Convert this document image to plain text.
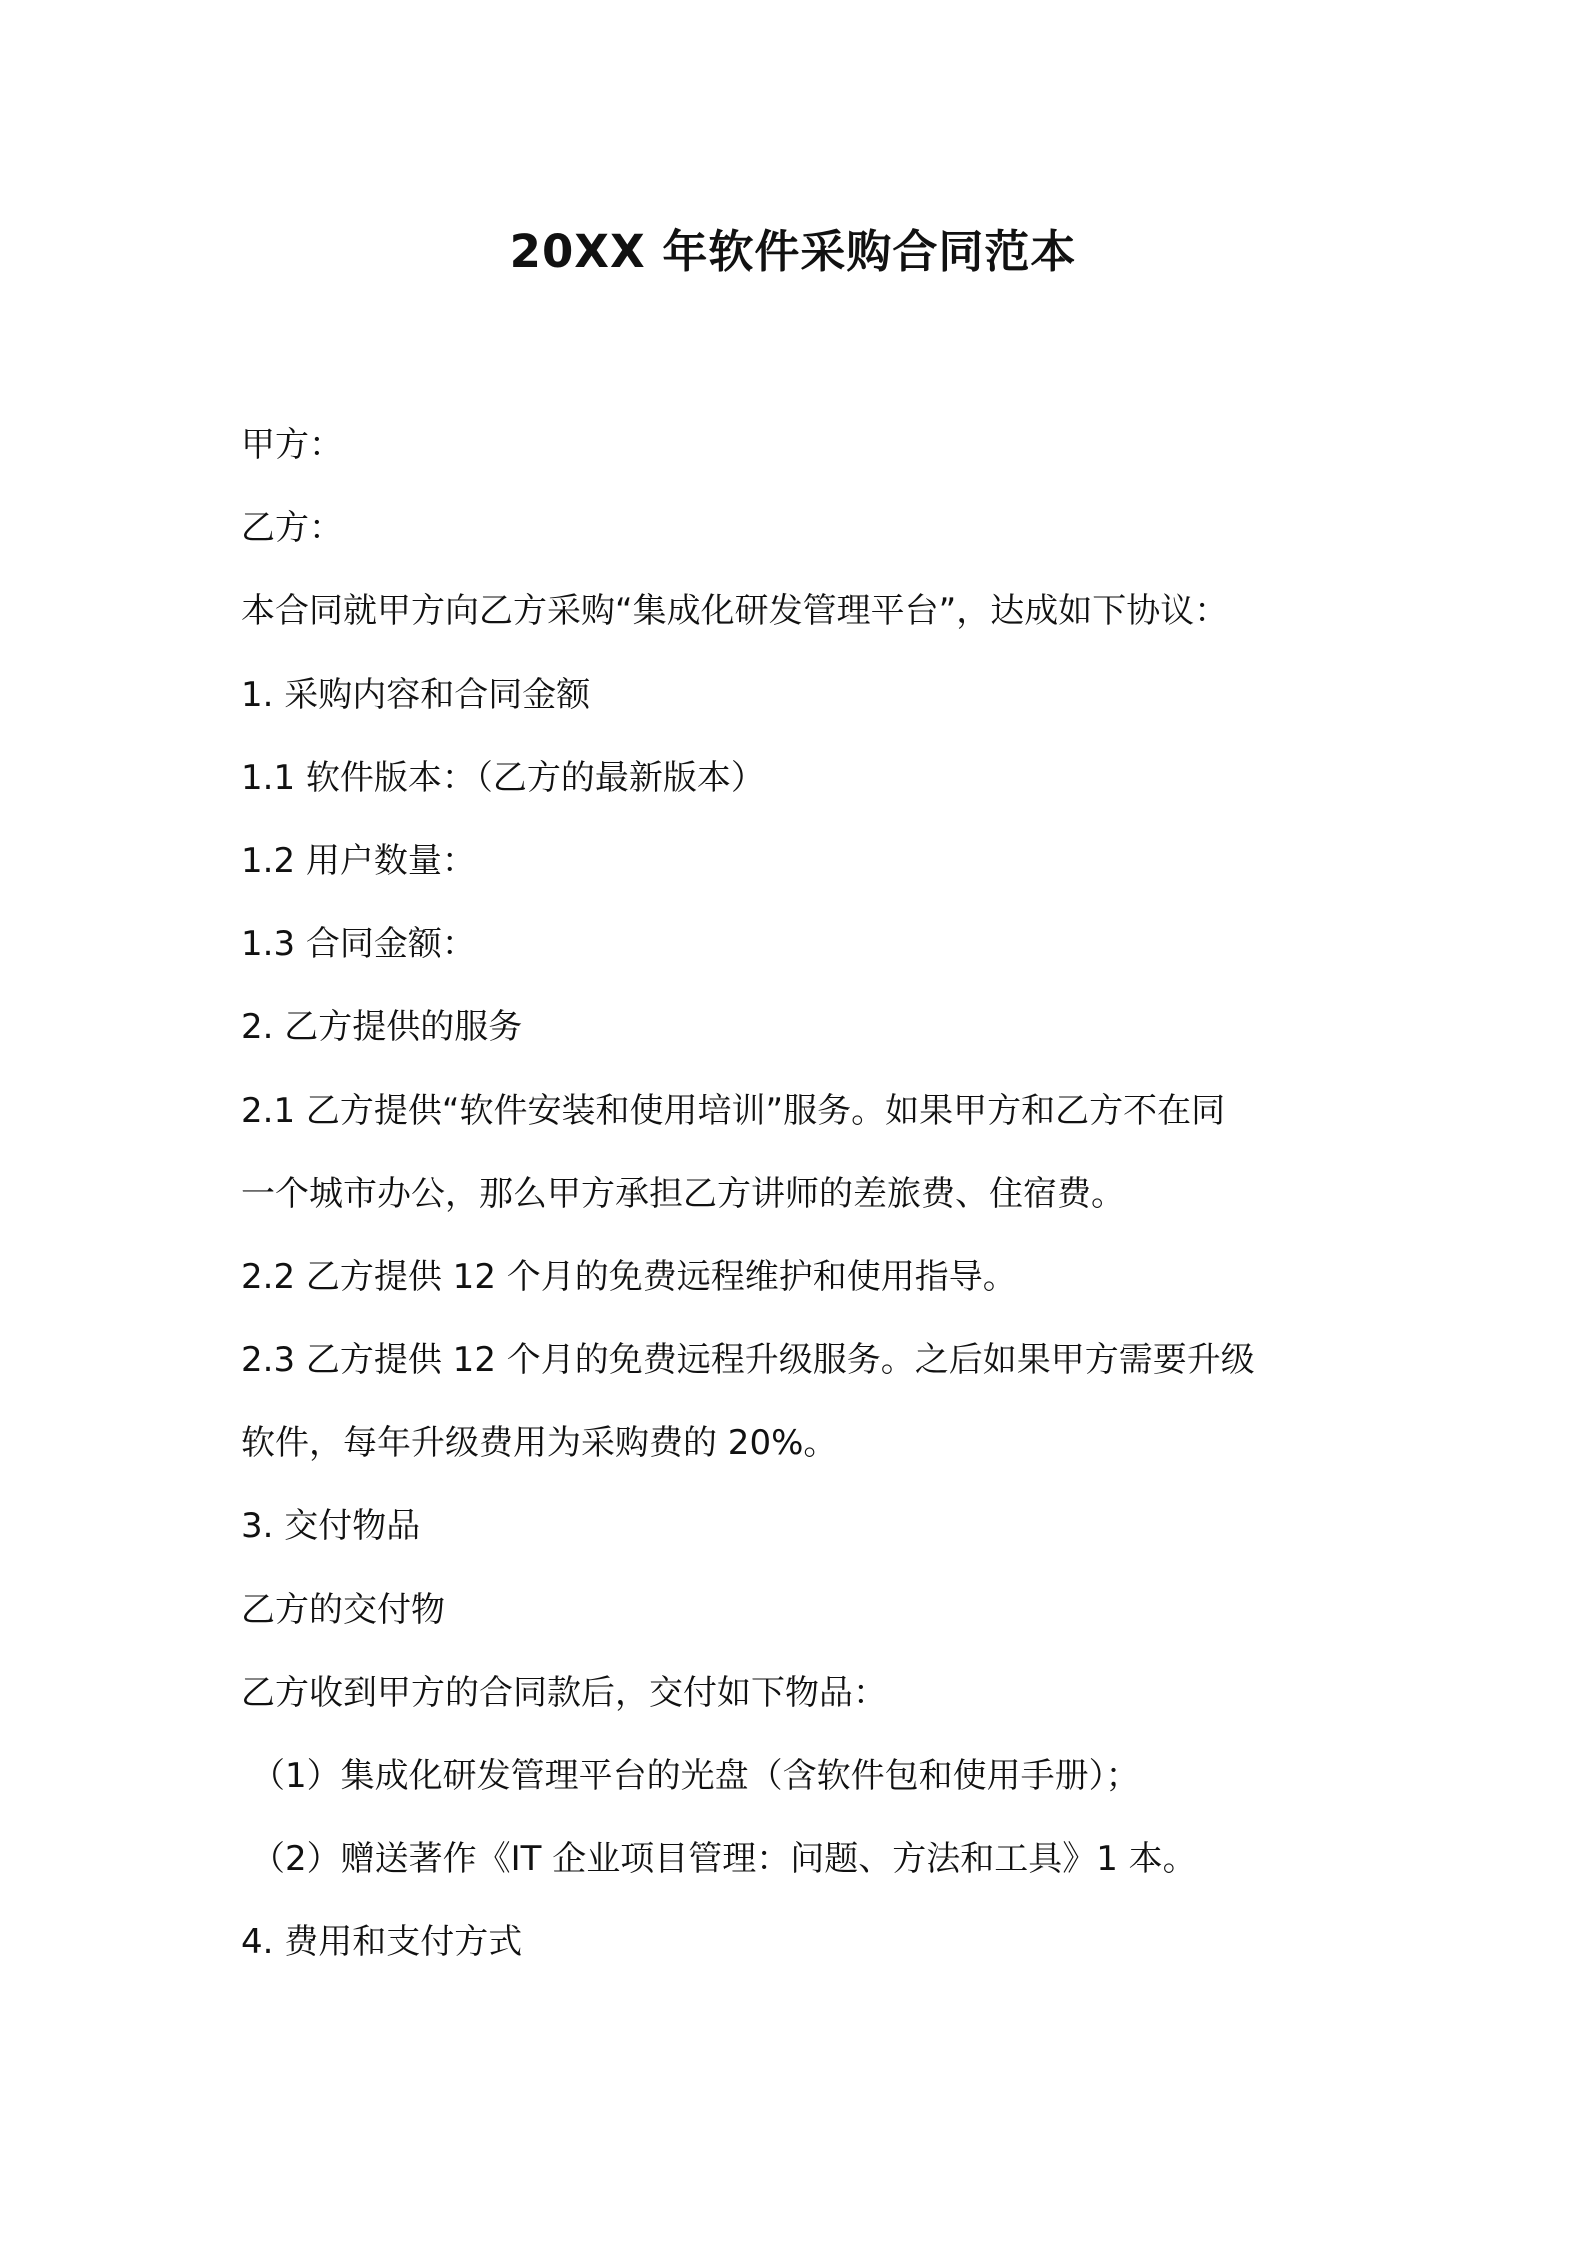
20XX 年软件采购合同范本

甲方：

乙方：

本合同就甲方向乙方采购“集成化研发管理平台”，达成如下协议：

1. 采购内容和合同金额

1.1 软件版本：（乙方的最新版本）

1.2 用户数量：

1.3 合同金额：

2. 乙方提供的服务

2.1 乙方提供“软件安装和使用培训”服务。如果甲方和乙方不在同

一个城市办公，那么甲方承担乙方讲师的差旅费、住宿费。

2.2 乙方提供 12 个月的免费远程维护和使用指导。

2.3 乙方提供 12 个月的免费远程升级服务。之后如果甲方需要升级

软件，每年升级费用为采购费的 20%。

3. 交付物品

乙方的交付物

乙方收到甲方的合同款后，交付如下物品：

（1）集成化研发管理平台的光盘（含软件包和使用手册）；

（2）赠送著作《IT 企业项目管理：问题、方法和工具》1 本。

4. 费用和支付方式
